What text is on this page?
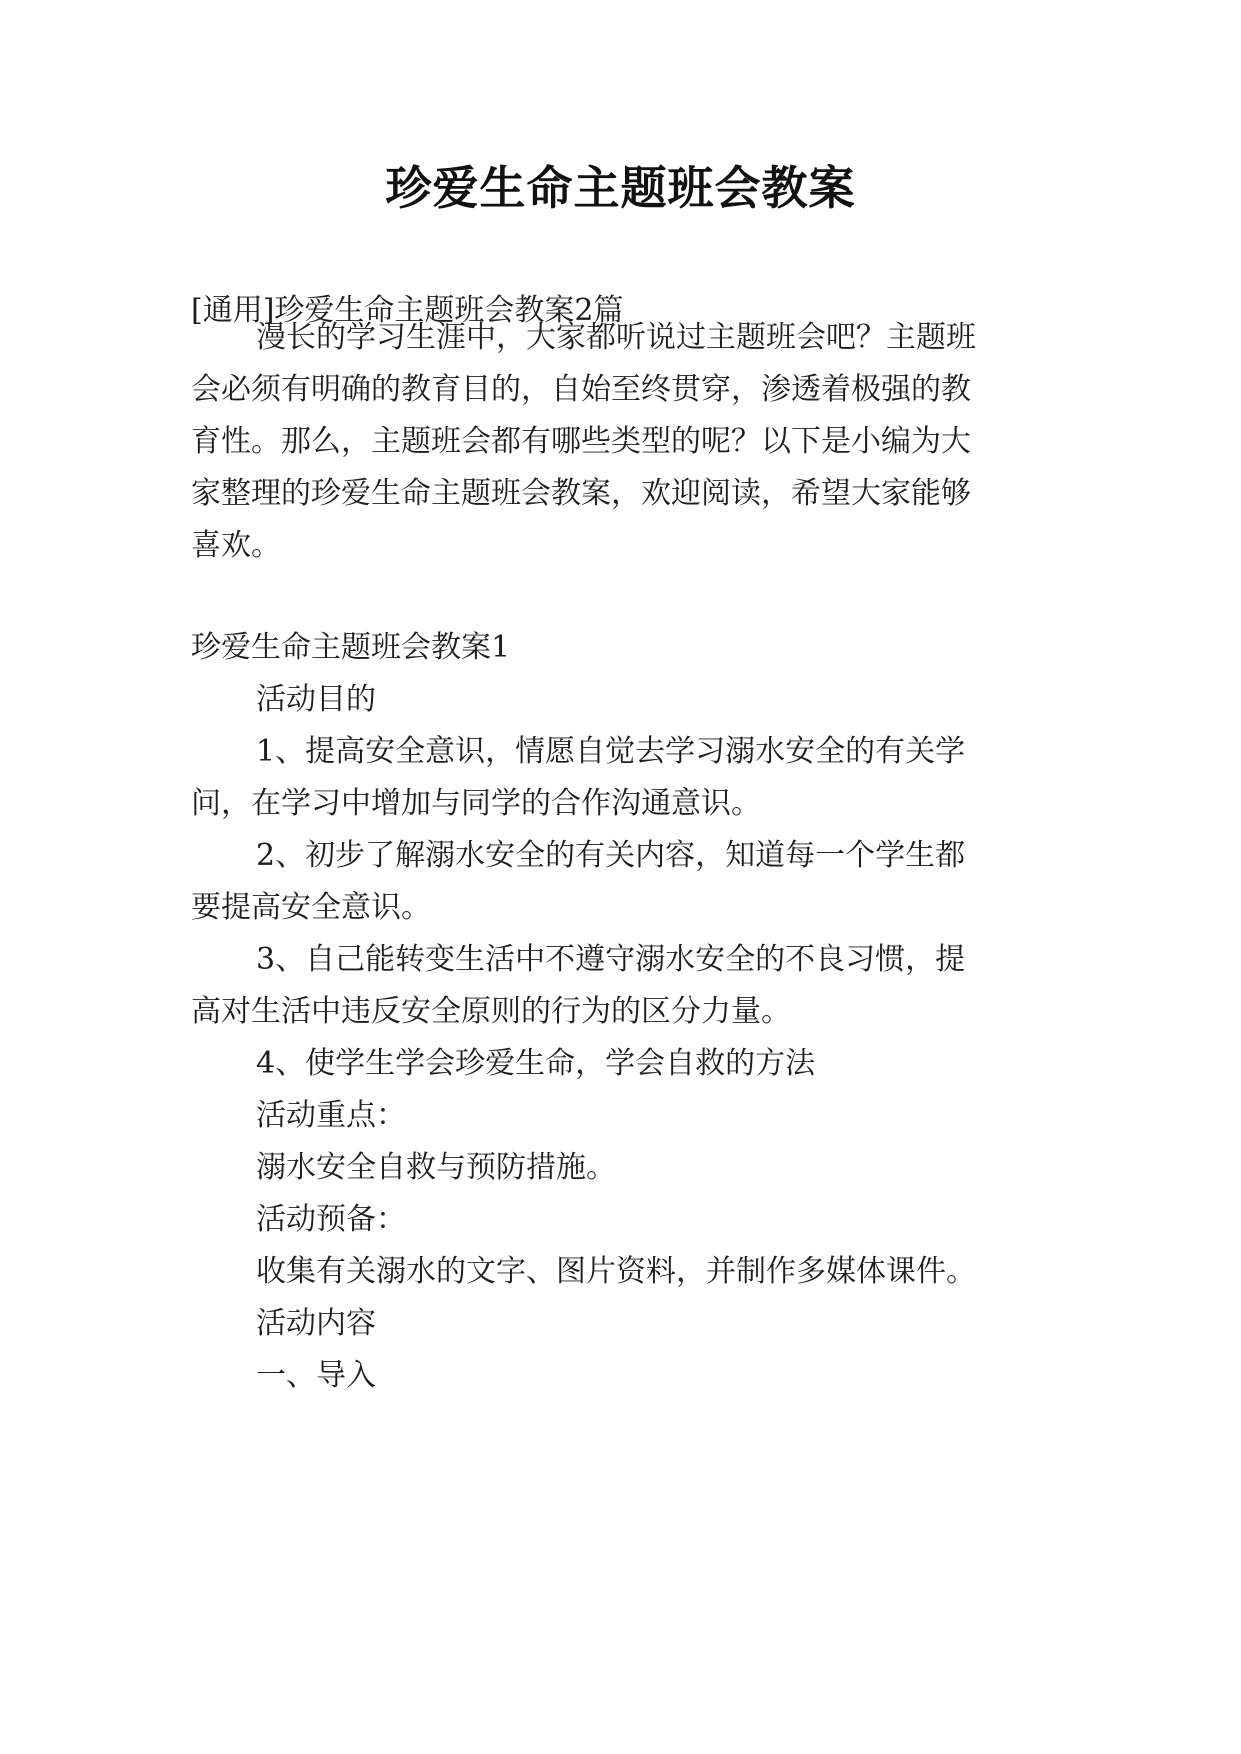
珍爱生命主题班会教案
[通用]珍爱生命主题班会教案2篇
漫长的学习生涯中，大家都听说过主题班会吧？主题班
会必须有明确的教育目的，自始至终贯穿，渗透着极强的教
育性。那么，主题班会都有哪些类型的呢？以下是小编为大
家整理的珍爱生命主题班会教案，欢迎阅读，希望大家能够
喜欢。
珍爱生命主题班会教案1
活动目的
1、提高安全意识，情愿自觉去学习溺水安全的有关学
问，在学习中增加与同学的合作沟通意识。
2、初步了解溺水安全的有关内容，知道每一个学生都
要提高安全意识。
3、自己能转变生活中不遵守溺水安全的不良习惯，提
高对生活中违反安全原则的行为的区分力量。
4、使学生学会珍爱生命，学会自救的方法
活动重点：
溺水安全自救与预防措施。
活动预备：
收集有关溺水的文字、图片资料，并制作多媒体课件。
活动内容
一、导入
